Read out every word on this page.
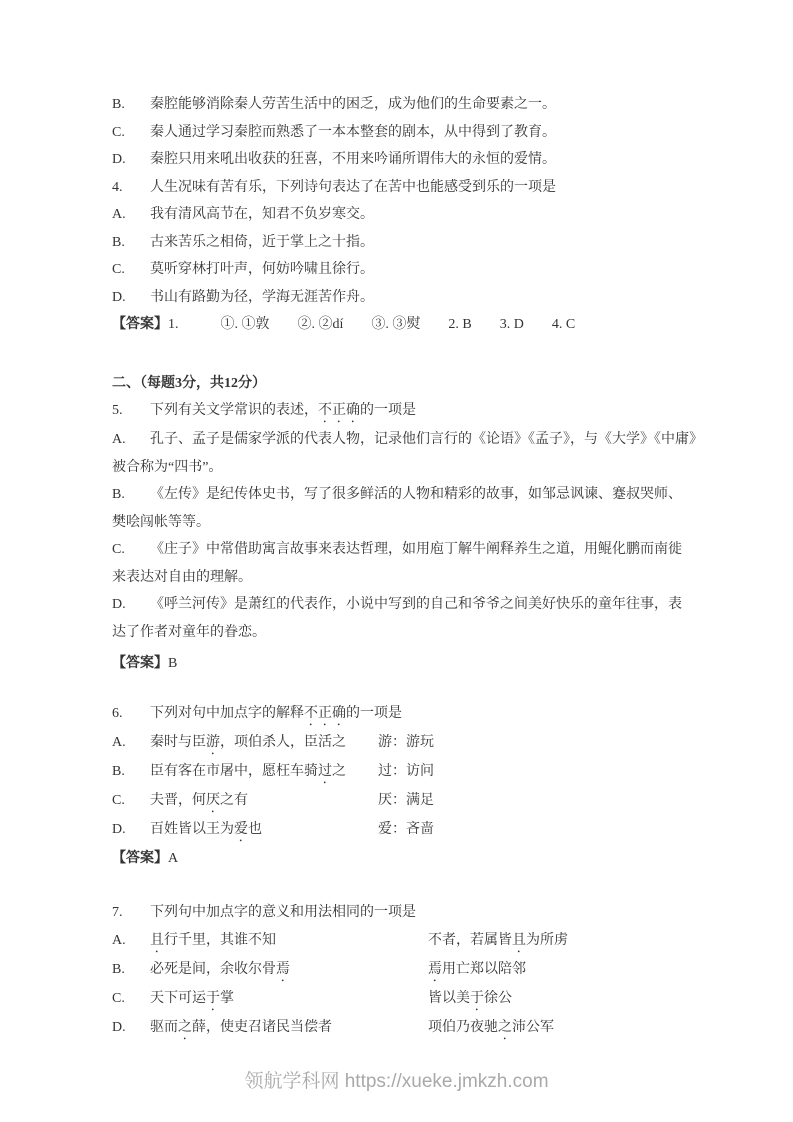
B. 秦腔能够消除秦人劳苦生活中的困乏，成为他们的生命要素之一。
C. 秦人通过学习秦腔而熟悉了一本本整套的剧本，从中得到了教育。
D. 秦腔只用来吼出收获的狂喜，不用来吟诵所谓伟大的永恒的爱情。
4. 人生况味有苦有乐，下列诗句表达了在苦中也能感受到乐的一项是
A. 我有清风高节在，知君不负岁寒交。
B. 古来苦乐之相倚，近于掌上之十指。
C. 莫听穿林打叶声，何妨吟啸且徐行。
D. 书山有路勤为径，学海无涯苦作舟。
【答案】1.　　　①. ①敦　　②. ②dí　　③. ③熨　　2. B　　3. D　　4. C
二、（每题3分，共12分）
5. 下列有关文学常识的表述，不正确的一项是
A. 孔子、孟子是儒家学派的代表人物，记录他们言行的《论语》《孟子》，与《大学》《中庸》
被合称为“四书”。
B. 《左传》是纪传体史书，写了很多鲜活的人物和精彩的故事，如邹忌讽谏、蹇叔哭师、
樊哙闯帐等等。
C. 《庄子》中常借助寓言故事来表达哲理，如用庖丁解牛阐释养生之道，用鲲化鹏而南徙
来表达对自由的理解。
D. 《呼兰河传》是萧红的代表作，小说中写到的自己和爷爷之间美好快乐的童年往事，表
达了作者对童年的眷恋。
【答案】B
6. 下列对句中加点字的解释不正确的一项是
A. 秦时与臣游，项伯杀人，臣活之 游：游玩
B. 臣有客在市屠中，愿枉车骑过之 过：访问
C. 夫晋，何厌之有	厌：满足
D. 百姓皆以王为爱也	爱：吝啬
【答案】A
7. 下列句中加点字的意义和用法相同的一项是
A. 且行千里，其谁不知	不者，若属皆且为所虏
B. 必死是间，余收尔骨焉	焉用亡郑以陪邻
C. 天下可运于掌	皆以美于徐公
D. 驱而之薛，使吏召诸民当偿者	项伯乃夜驰之沛公军
领航学科网 https://xueke.jmkzh.com
